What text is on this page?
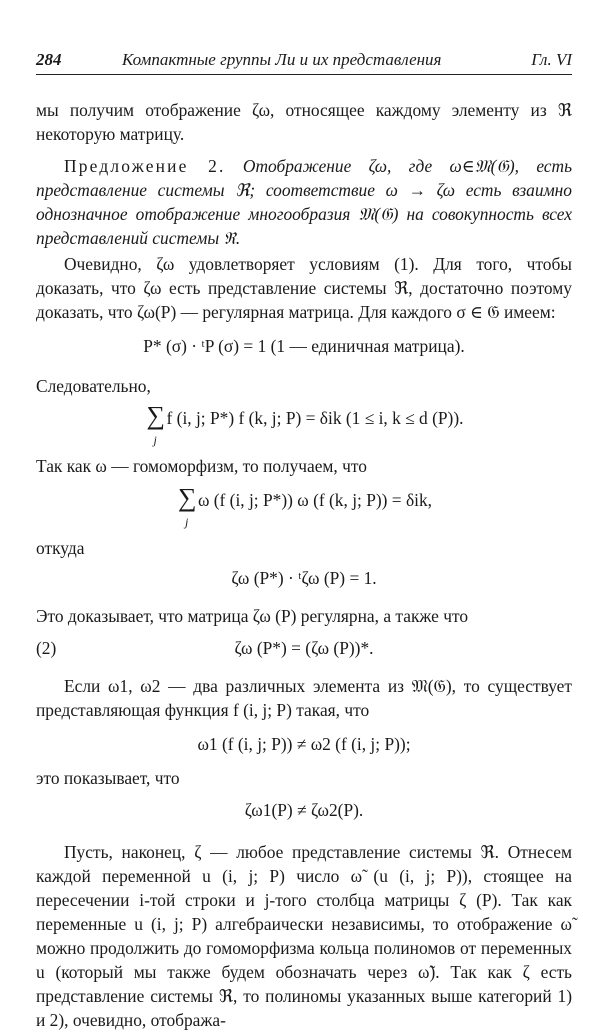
284	Компактные группы Ли и их представления	Гл. VI

мы получим отображение ζω, относящее каждому элементу из ℜ некоторую матрицу.

Предложение 2. Отображение ζω, где ω∈𝔐(𝔊), есть представление системы ℜ; соответствие ω → ζω есть взаимно однозначное отображение многообразия 𝔐(𝔊) на совокупность всех представлений системы ℜ.

Очевидно, ζω удовлетворяет условиям (1). Для того, чтобы доказать, что ζω есть представление системы ℜ, достаточно поэтому доказать, что ζω(P) — регулярная матрица. Для каждого σ ∈ 𝔊 имеем:

P* (σ) · ᵗP (σ) = 1 (1 — единичная матрица).

Следовательно,

∑
j
f (i, j; P*) f (k, j; P) = δik (1 ≤ i, k ≤ d (P)).

Так как ω — гомоморфизм, то получаем, что

∑
j
ω (f (i, j; P*)) ω (f (k, j; P)) = δik,

откуда

ζω (P*) · ᵗζω (P) = 1.

Это доказывает, что матрица ζω (P) регулярна, а также что

(2)	ζω (P*) = (ζω (P))*.

Если ω1, ω2 — два различных элемента из 𝔐(𝔊), то существует представляющая функция f (i, j; P) такая, что

ω1 (f (i, j; P)) ≠ ω2 (f (i, j; P));

это показывает, что

ζω1(P) ≠ ζω2(P).

Пусть, наконец, ζ — любое представление системы ℜ. Отнесем каждой переменной u (i, j; P) число ω̃ (u (i, j; P)), стоящее на пересечении i-той строки и j-того столбца матрицы ζ (P). Так как переменные u (i, j; P) алгебраически независимы, то отображение ω̃ можно продолжить до гомоморфизма кольца полиномов от переменных u (который мы также будем обозначать через ω̃). Так как ζ есть представление системы ℜ, то полиномы указанных выше категорий 1) и 2), очевидно, отобража-
